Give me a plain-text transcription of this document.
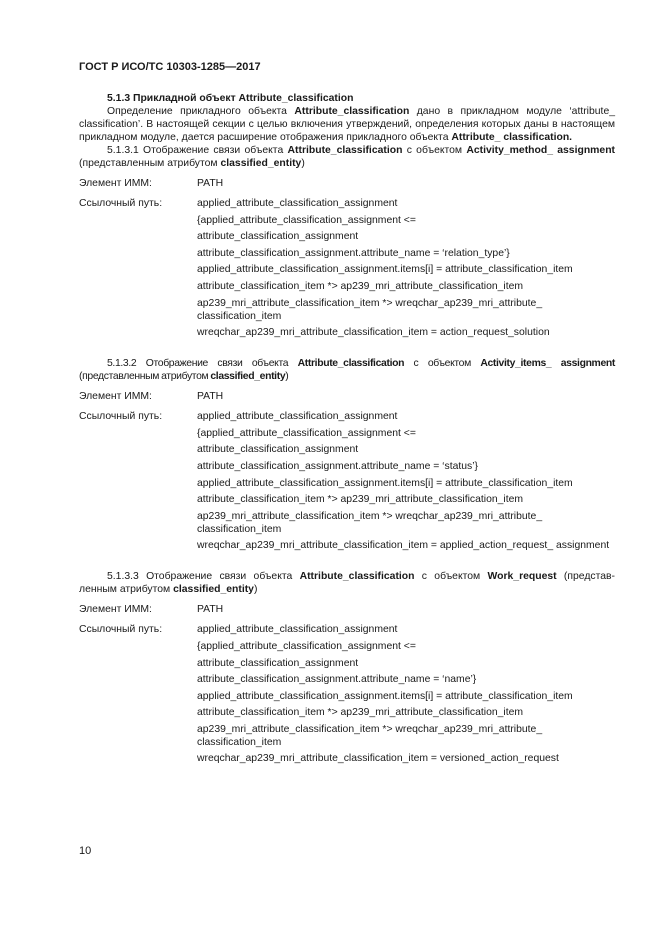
ГОСТ Р ИСО/ТС 10303-1285—2017

5.1.3 Прикладной объект Attribute_classification

Определение прикладного объекта Attribute_classification дано в прикладном модуле ‘attribute_ classification’. В настоящей секции с целью включения утверждений, определения которых даны в настоящем прикладном модуле, дается расширение отображения прикладного объекта Attribute_ classification.

5.1.3.1 Отображение связи объекта Attribute_classification с объектом Activity_method_ assignment (представленным атрибутом classified_entity)

Элемент ИММ:	PATH
Ссылочный путь:	applied_attribute_classification_assignment
{applied_attribute_classification_assignment <=
attribute_classification_assignment
attribute_classification_assignment.attribute_name = ‘relation_type’}
applied_attribute_classification_assignment.items[i] = attribute_classification_item
attribute_classification_item *> ap239_mri_attribute_classification_item
ap239_mri_attribute_classification_item *> wreqchar_ap239_mri_attribute_ classification_item
wreqchar_ap239_mri_attribute_classification_item = action_request_solution

5.1.3.2 Отображение связи объекта Attribute_classification с объектом Activity_items_ assignment (представленным атрибутом classified_entity)

Элемент ИММ:	PATH
Ссылочный путь:	applied_attribute_classification_assignment
{applied_attribute_classification_assignment <=
attribute_classification_assignment
attribute_classification_assignment.attribute_name = ‘status’}
applied_attribute_classification_assignment.items[i] = attribute_classification_item
attribute_classification_item *> ap239_mri_attribute_classification_item
ap239_mri_attribute_classification_item *> wreqchar_ap239_mri_attribute_ classification_item
wreqchar_ap239_mri_attribute_classification_item = applied_action_request_ assignment

5.1.3.3 Отображение связи объекта Attribute_classification с объектом Work_request (представ- ленным атрибутом classified_entity)

Элемент ИММ:	PATH
Ссылочный путь:	applied_attribute_classification_assignment
{applied_attribute_classification_assignment <=
attribute_classification_assignment
attribute_classification_assignment.attribute_name = ‘name’}
applied_attribute_classification_assignment.items[i] = attribute_classification_item
attribute_classification_item *> ap239_mri_attribute_classification_item
ap239_mri_attribute_classification_item *> wreqchar_ap239_mri_attribute_ classification_item
wreqchar_ap239_mri_attribute_classification_item = versioned_action_request
10
